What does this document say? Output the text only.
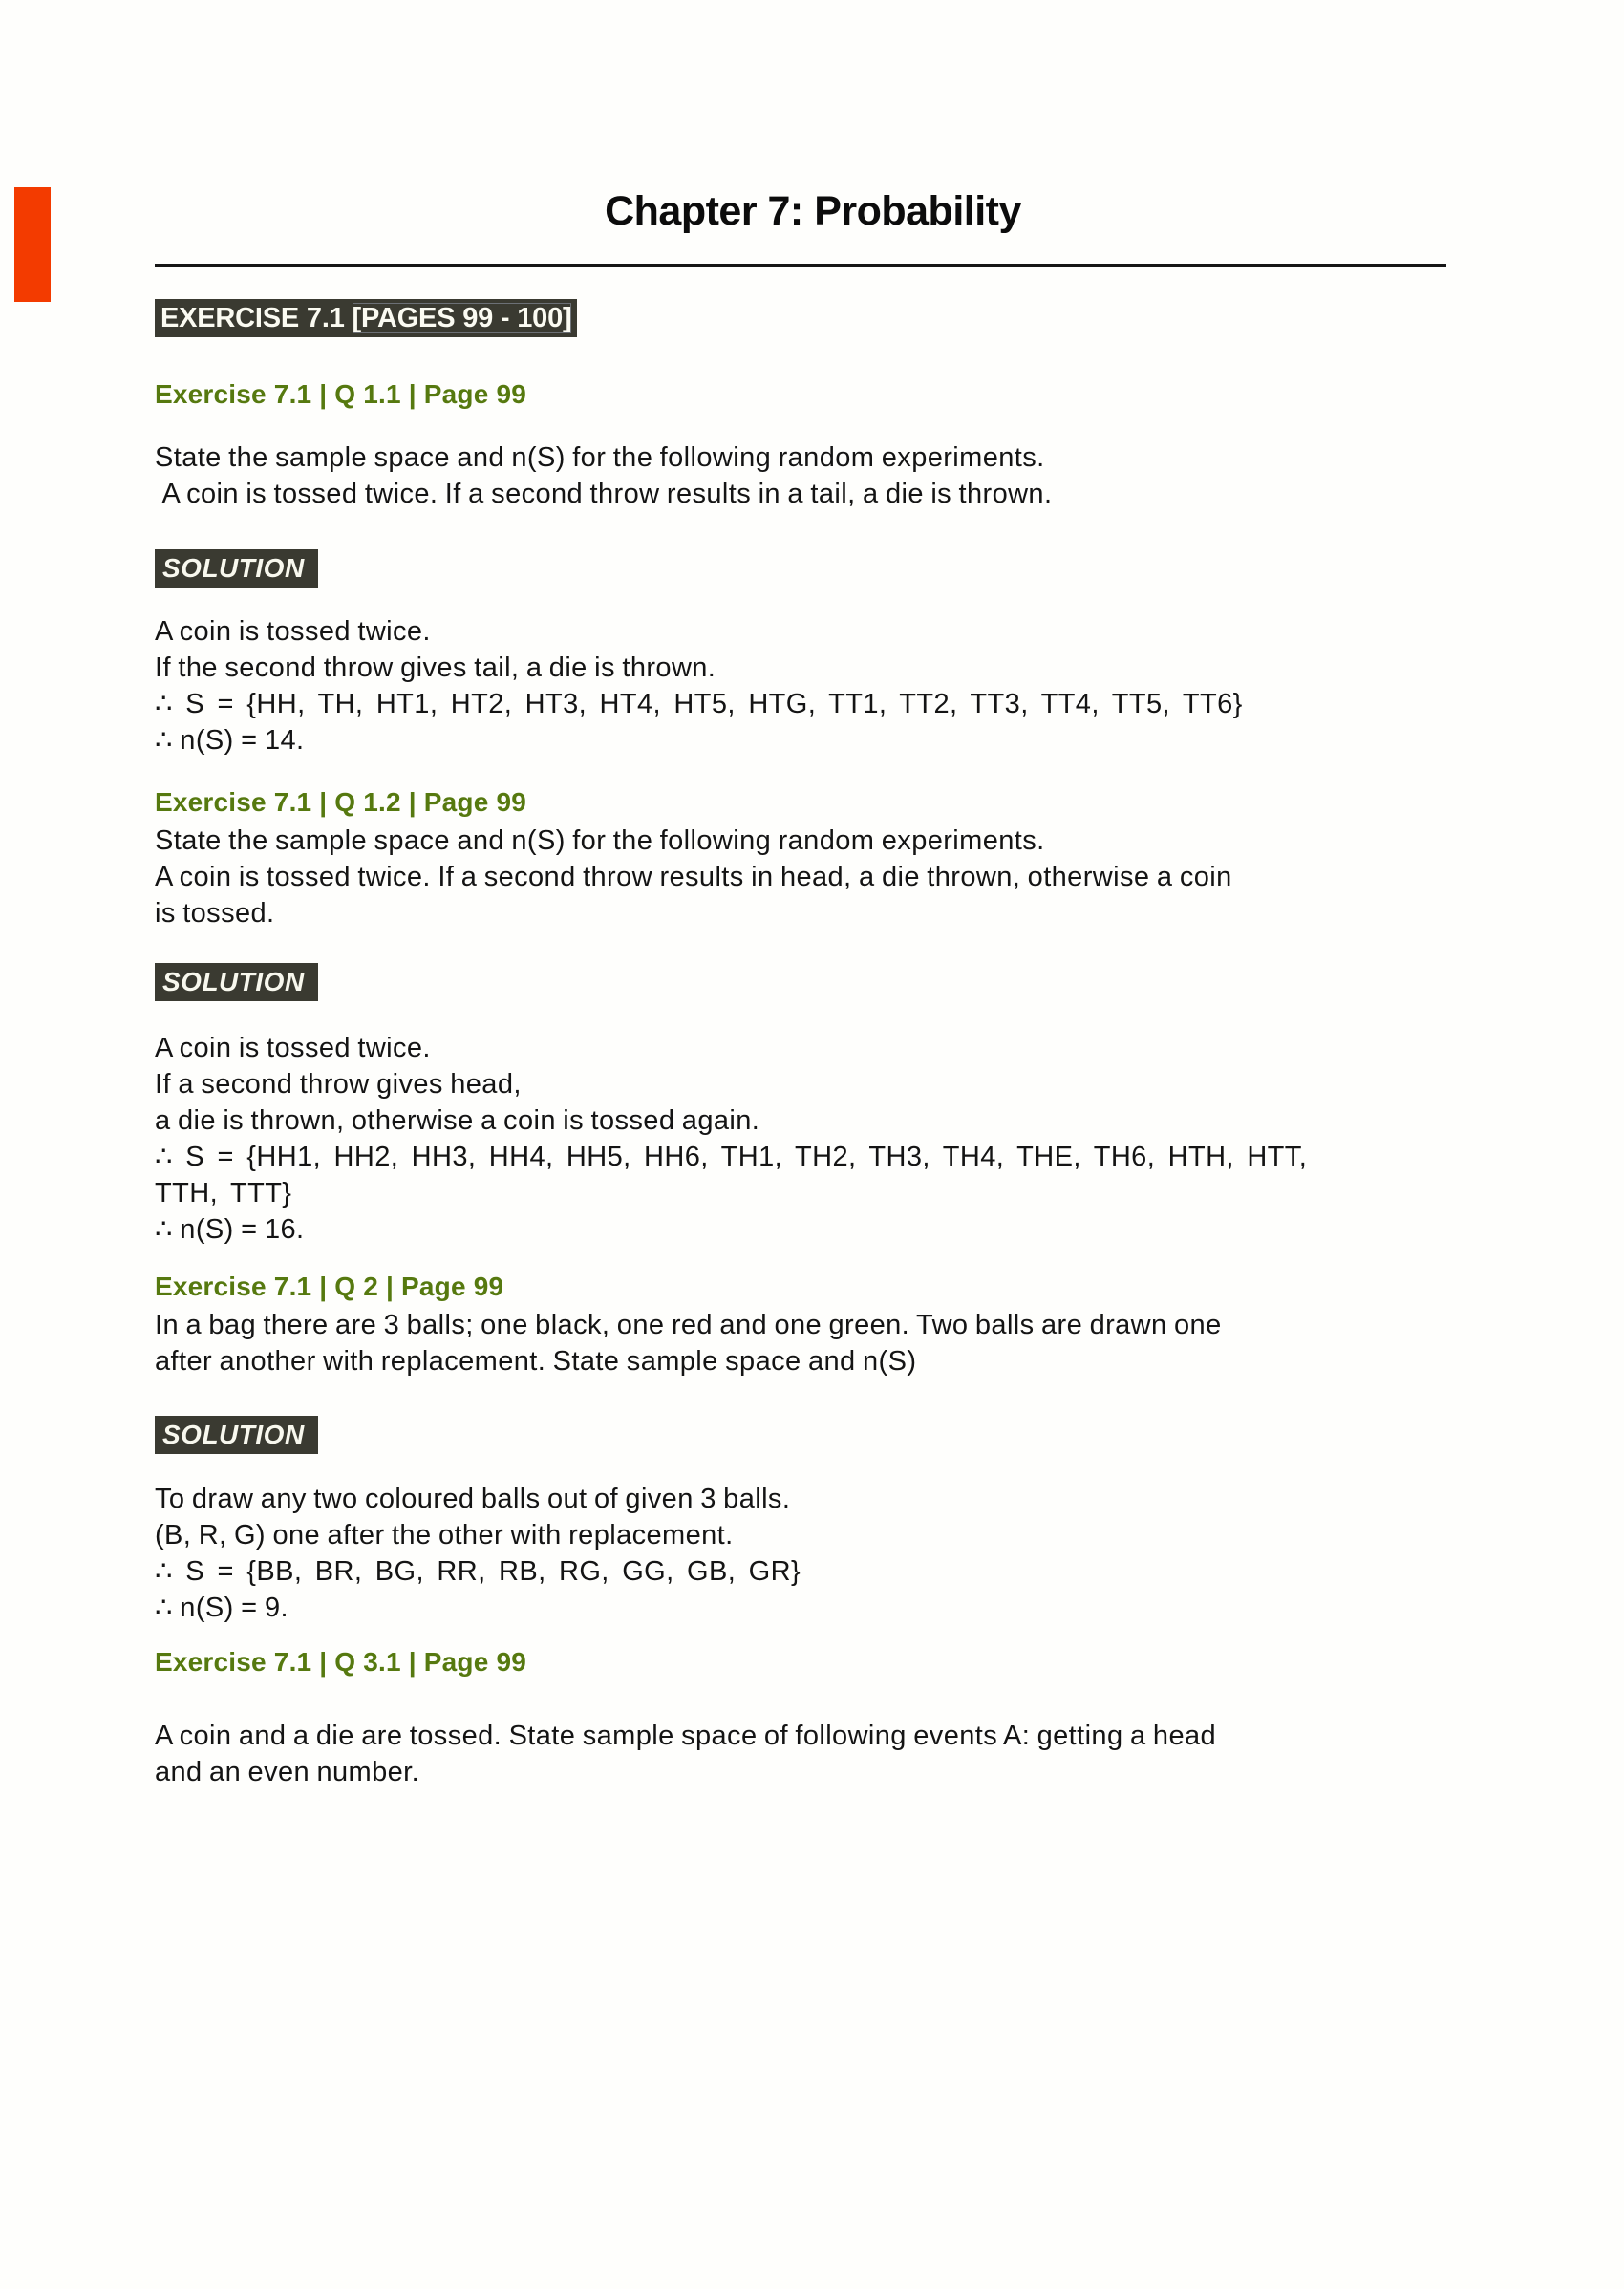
Chapter 7: Probability
EXERCISE 7.1 [PAGES 99 - 100]
Exercise 7.1 | Q 1.1 | Page 99
State the sample space and n(S) for the following random experiments.
A coin is tossed twice. If a second throw results in a tail, a die is thrown.
SOLUTION
A coin is tossed twice.
If the second throw gives tail, a die is thrown.
∴ S = {HH, TH, HT1, HT2, HT3, HT4, HT5, HTG, TT1, TT2, TT3, TT4, TT5, TT6}
∴ n(S) = 14.
Exercise 7.1 | Q 1.2 | Page 99
State the sample space and n(S) for the following random experiments.
A coin is tossed twice. If a second throw results in head, a die thrown, otherwise a coin
is tossed.
SOLUTION
A coin is tossed twice.
If a second throw gives head,
a die is thrown, otherwise a coin is tossed again.
∴ S = {HH1, HH2, HH3, HH4, HH5, HH6, TH1, TH2, TH3, TH4, THE, TH6, HTH, HTT,
TTH, TTT}
∴ n(S) = 16.
Exercise 7.1 | Q 2 | Page 99
In a bag there are 3 balls; one black, one red and one green. Two balls are drawn one
after another with replacement. State sample space and n(S)
SOLUTION
To draw any two coloured balls out of given 3 balls.
(B, R, G) one after the other with replacement.
∴ S = {BB, BR, BG, RR, RB, RG, GG, GB, GR}
∴ n(S) = 9.
Exercise 7.1 | Q 3.1 | Page 99
A coin and a die are tossed. State sample space of following events A: getting a head
and an even number.
